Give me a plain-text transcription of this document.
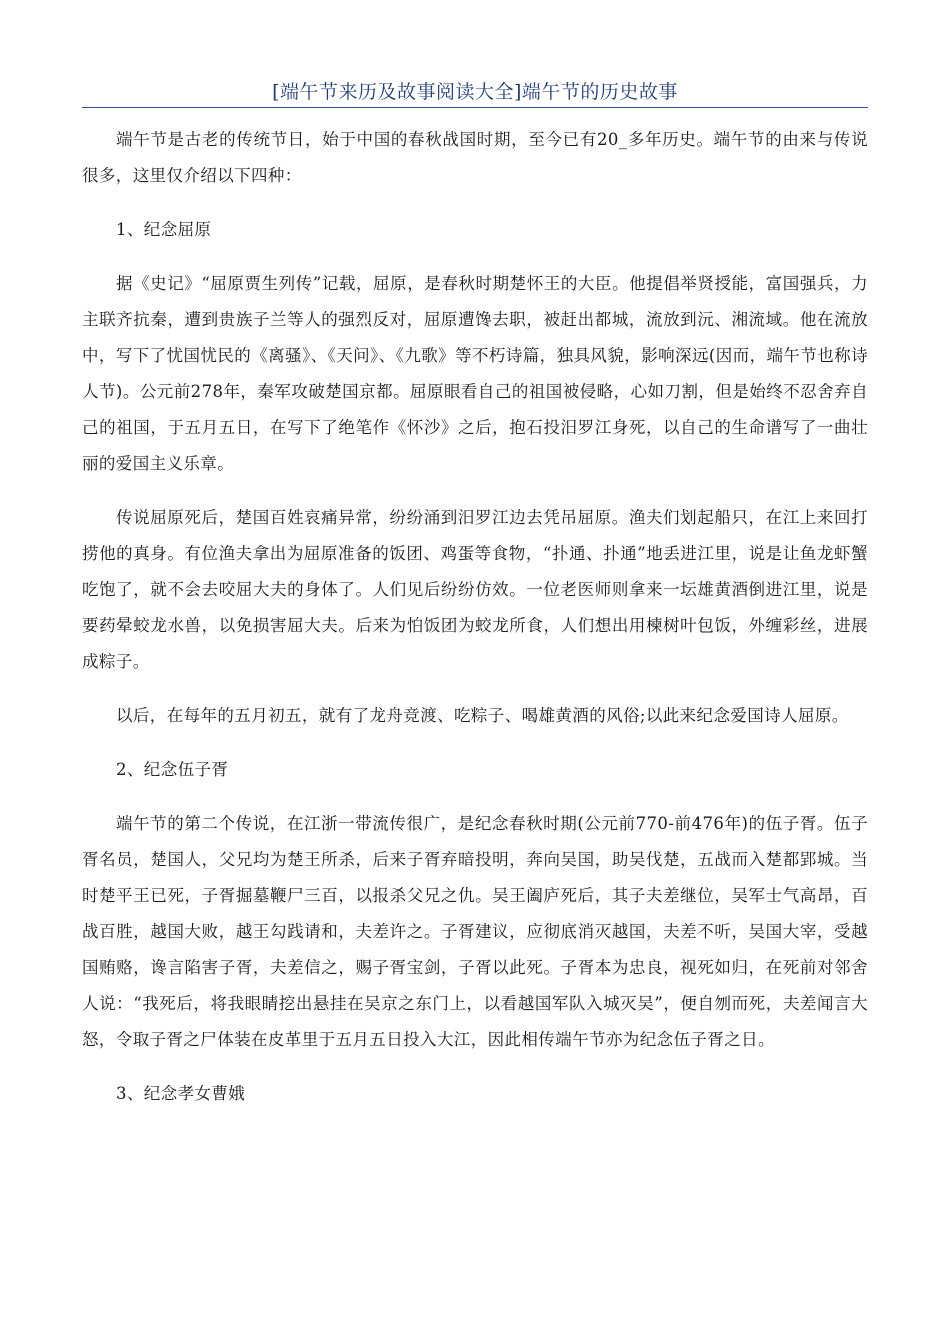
[端午节来历及故事阅读大全]端午节的历史故事

端午节是古老的传统节日，始于中国的春秋战国时期，至今已有20_多年历史。端午节的由来与传说很多，这里仅介绍以下四种：

1、纪念屈原

据《史记》“屈原贾生列传”记载，屈原，是春秋时期楚怀王的大臣。他提倡举贤授能，富国强兵，力主联齐抗秦，遭到贵族子兰等人的强烈反对，屈原遭馋去职，被赶出都城，流放到沅、湘流域。他在流放中，写下了忧国忧民的《离骚》、《天问》、《九歌》等不朽诗篇，独具风貌，影响深远(因而，端午节也称诗人节)。公元前278年，秦军攻破楚国京都。屈原眼看自己的祖国被侵略，心如刀割，但是始终不忍舍弃自己的祖国，于五月五日，在写下了绝笔作《怀沙》之后，抱石投汨罗江身死，以自己的生命谱写了一曲壮丽的爱国主义乐章。

传说屈原死后，楚国百姓哀痛异常，纷纷涌到汨罗江边去凭吊屈原。渔夫们划起船只，在江上来回打捞他的真身。有位渔夫拿出为屈原准备的饭团、鸡蛋等食物，“扑通、扑通”地丢进江里，说是让鱼龙虾蟹吃饱了，就不会去咬屈大夫的身体了。人们见后纷纷仿效。一位老医师则拿来一坛雄黄酒倒进江里，说是要药晕蛟龙水兽，以免损害屈大夫。后来为怕饭团为蛟龙所食，人们想出用楝树叶包饭，外缠彩丝，进展成粽子。

以后，在每年的五月初五，就有了龙舟竞渡、吃粽子、喝雄黄酒的风俗;以此来纪念爱国诗人屈原。

2、纪念伍子胥

端午节的第二个传说，在江浙一带流传很广，是纪念春秋时期(公元前770-前476年)的伍子胥。伍子胥名员，楚国人，父兄均为楚王所杀，后来子胥弃暗投明，奔向吴国，助吴伐楚，五战而入楚都郢城。当时楚平王已死，子胥掘墓鞭尸三百，以报杀父兄之仇。吴王阖庐死后，其子夫差继位，吴军士气高昂，百战百胜，越国大败，越王勾践请和，夫差许之。子胥建议，应彻底消灭越国，夫差不听，吴国大宰，受越国贿赂，谗言陷害子胥，夫差信之，赐子胥宝剑，子胥以此死。子胥本为忠良，视死如归，在死前对邻舍人说：“我死后，将我眼睛挖出悬挂在吴京之东门上，以看越国军队入城灭吴”，便自刎而死，夫差闻言大怒，令取子胥之尸体装在皮革里于五月五日投入大江，因此相传端午节亦为纪念伍子胥之日。

3、纪念孝女曹娥
